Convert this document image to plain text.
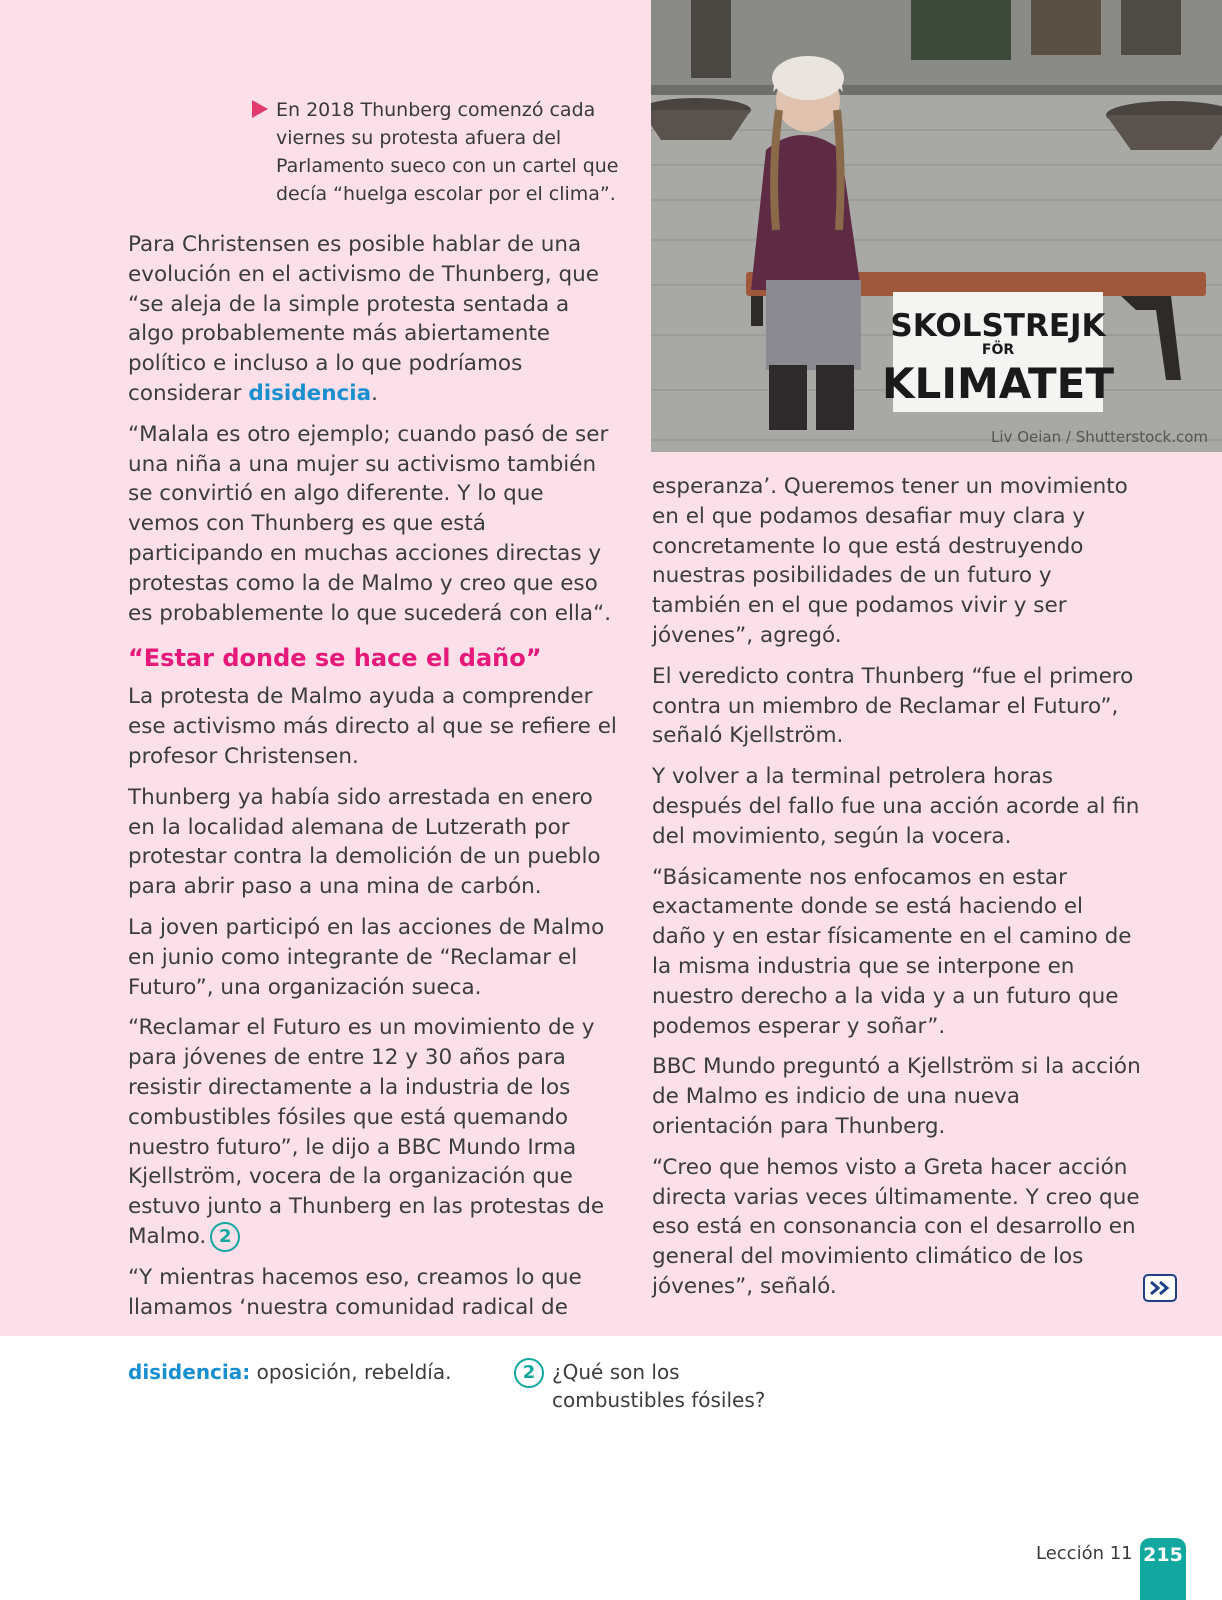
SKOLSTREJK
FÖR
KLIMATET
Liv Oeian / Shutterstock.com

En 2018 Thunberg comenzó cada viernes su protesta afuera del Parlamento sueco con un cartel que decía “huelga escolar por el clima”.

Para Christensen es posible hablar de una evolución en el activismo de Thunberg, que “se aleja de la simple protesta sentada a algo probablemente más abiertamente político e incluso a lo que podríamos considerar disidencia.

“Malala es otro ejemplo; cuando pasó de ser una niña a una mujer su activismo también se convirtió en algo diferente. Y lo que vemos con Thunberg es que está participando en muchas acciones directas y protestas como la de Malmo y creo que eso es probablemente lo que sucederá con ella“.

“Estar donde se hace el daño”

La protesta de Malmo ayuda a comprender ese activismo más directo al que se refiere el profesor Christensen.

Thunberg ya había sido arrestada en enero en la localidad alemana de Lutzerath por protestar contra la demolición de un pueblo para abrir paso a una mina de carbón.

La joven participó en las acciones de Malmo en junio como integrante de “Reclamar el Futuro”, una organización sueca.

“Reclamar el Futuro es un movimiento de y para jóvenes de entre 12 y 30 años para resistir directamente a la industria de los combustibles fósiles que está quemando nuestro futuro”, le dijo a BBC Mundo Irma Kjellström, vocera de la organización que estuvo junto a Thunberg en las protestas de Malmo. 2

“Y mientras hacemos eso, creamos lo que llamamos ‘nuestra comunidad radical de

esperanza’. Queremos tener un movimiento en el que podamos desafiar muy clara y concretamente lo que está destruyendo nuestras posibilidades de un futuro y también en el que podamos vivir y ser jóvenes”, agregó.

El veredicto contra Thunberg “fue el primero contra un miembro de Reclamar el Futuro”, señaló Kjellström.

Y volver a la terminal petrolera horas después del fallo fue una acción acorde al fin del movimiento, según la vocera.

“Básicamente nos enfocamos en estar exactamente donde se está haciendo el daño y en estar físicamente en el camino de la misma industria que se interpone en nuestro derecho a la vida y a un futuro que podemos esperar y soñar”.

BBC Mundo preguntó a Kjellström si la acción de Malmo es indicio de una nueva orientación para Thunberg.

“Creo que hemos visto a Greta hacer acción directa varias veces últimamente. Y creo que eso está en consonancia con el desarrollo en general del movimiento climático de los jóvenes”, señaló.

disidencia: oposición, rebeldía.	2 ¿Qué son los combustibles fósiles?

Lección 11 215
